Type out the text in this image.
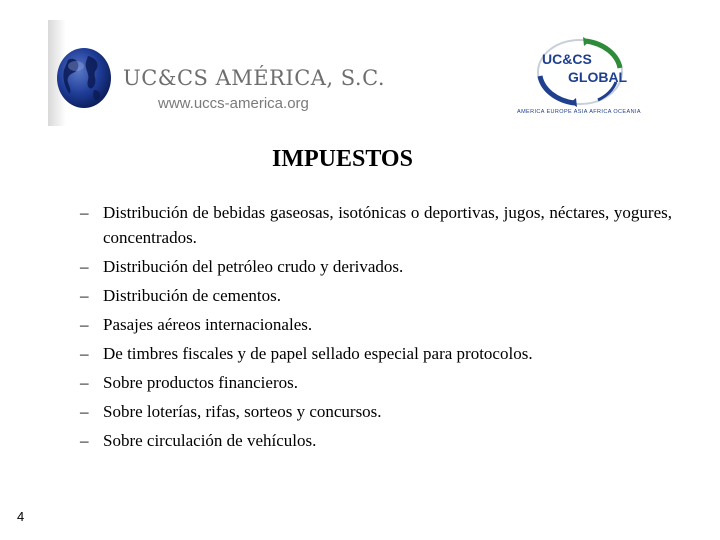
UC&CS AMÉRICA, S.C.
www.uccs-america.org
UC&CS
GLOBAL
AMERICA EUROPE ASIA AFRICA OCEANIA
IMPUESTOS
– Distribución de bebidas gaseosas, isotónicas o deportivas, jugos, néctares, yogures, concentrados.
– Distribución del petróleo crudo y derivados.
– Distribución de cementos.
– Pasajes aéreos internacionales.
– De timbres fiscales y de papel sellado especial para protocolos.
– Sobre productos financieros.
– Sobre loterías, rifas, sorteos y concursos.
– Sobre circulación de vehículos.
4
